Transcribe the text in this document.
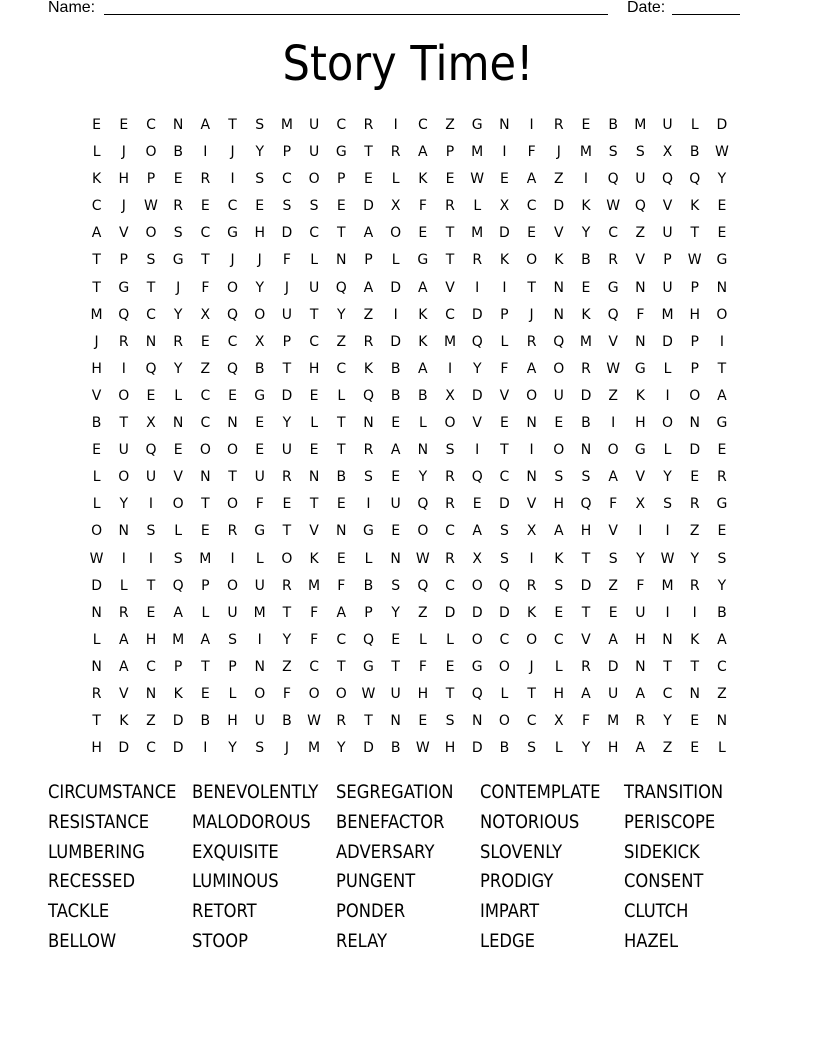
Name:	Date:
Story Time!
E	E	C	N	A	T	S	M	U	C	R	I	C	Z	G	N	I	R	E	B	M	U	L	D
L	J	O	B	I	J	Y	P	U	G	T	R	A	P	M	I	F	J	M	S	S	X	B	W
K	H	P	E	R	I	S	C	O	P	E	L	K	E	W	E	A	Z	I	Q	U	Q	Q	Y
C	J	W	R	E	C	E	S	S	E	D	X	F	R	L	X	C	D	K	W	Q	V	K	E
A	V	O	S	C	G	H	D	C	T	A	O	E	T	M	D	E	V	Y	C	Z	U	T	E
T	P	S	G	T	J	J	F	L	N	P	L	G	T	R	K	O	K	B	R	V	P	W	G
T	G	T	J	F	O	Y	J	U	Q	A	D	A	V	I	I	T	N	E	G	N	U	P	N
M	Q	C	Y	X	Q	O	U	T	Y	Z	I	K	C	D	P	J	N	K	Q	F	M	H	O
J	R	N	R	E	C	X	P	C	Z	R	D	K	M	Q	L	R	Q	M	V	N	D	P	I
H	I	Q	Y	Z	Q	B	T	H	C	K	B	A	I	Y	F	A	O	R	W	G	L	P	T
V	O	E	L	C	E	G	D	E	L	Q	B	B	X	D	V	O	U	D	Z	K	I	O	A
B	T	X	N	C	N	E	Y	L	T	N	E	L	O	V	E	N	E	B	I	H	O	N	G
E	U	Q	E	O	O	E	U	E	T	R	A	N	S	I	T	I	O	N	O	G	L	D	E
L	O	U	V	N	T	U	R	N	B	S	E	Y	R	Q	C	N	S	S	A	V	Y	E	R
L	Y	I	O	T	O	F	E	T	E	I	U	Q	R	E	D	V	H	Q	F	X	S	R	G
O	N	S	L	E	R	G	T	V	N	G	E	O	C	A	S	X	A	H	V	I	I	Z	E
W	I	I	S	M	I	L	O	K	E	L	N	W	R	X	S	I	K	T	S	Y	W	Y	S
D	L	T	Q	P	O	U	R	M	F	B	S	Q	C	O	Q	R	S	D	Z	F	M	R	Y
N	R	E	A	L	U	M	T	F	A	P	Y	Z	D	D	D	K	E	T	E	U	I	I	B
L	A	H	M	A	S	I	Y	F	C	Q	E	L	L	O	C	O	C	V	A	H	N	K	A
N	A	C	P	T	P	N	Z	C	T	G	T	F	E	G	O	J	L	R	D	N	T	T	C
R	V	N	K	E	L	O	F	O	O	W	U	H	T	Q	L	T	H	A	U	A	C	N	Z
T	K	Z	D	B	H	U	B	W	R	T	N	E	S	N	O	C	X	F	M	R	Y	E	N
H	D	C	D	I	Y	S	J	M	Y	D	B	W	H	D	B	S	L	Y	H	A	Z	E	L
CIRCUMSTANCE BENEVOLENTLY SEGREGATION	CONTEMPLATE TRANSITION
RESISTANCE	MALODOROUS BENEFACTOR	NOTORIOUS	PERISCOPE
LUMBERING	EXQUISITE	ADVERSARY	SLOVENLY	SIDEKICK
RECESSED	LUMINOUS	PUNGENT	PRODIGY	CONSENT
TACKLE	RETORT	PONDER	IMPART	CLUTCH
BELLOW	STOOP	RELAY	LEDGE	HAZEL
